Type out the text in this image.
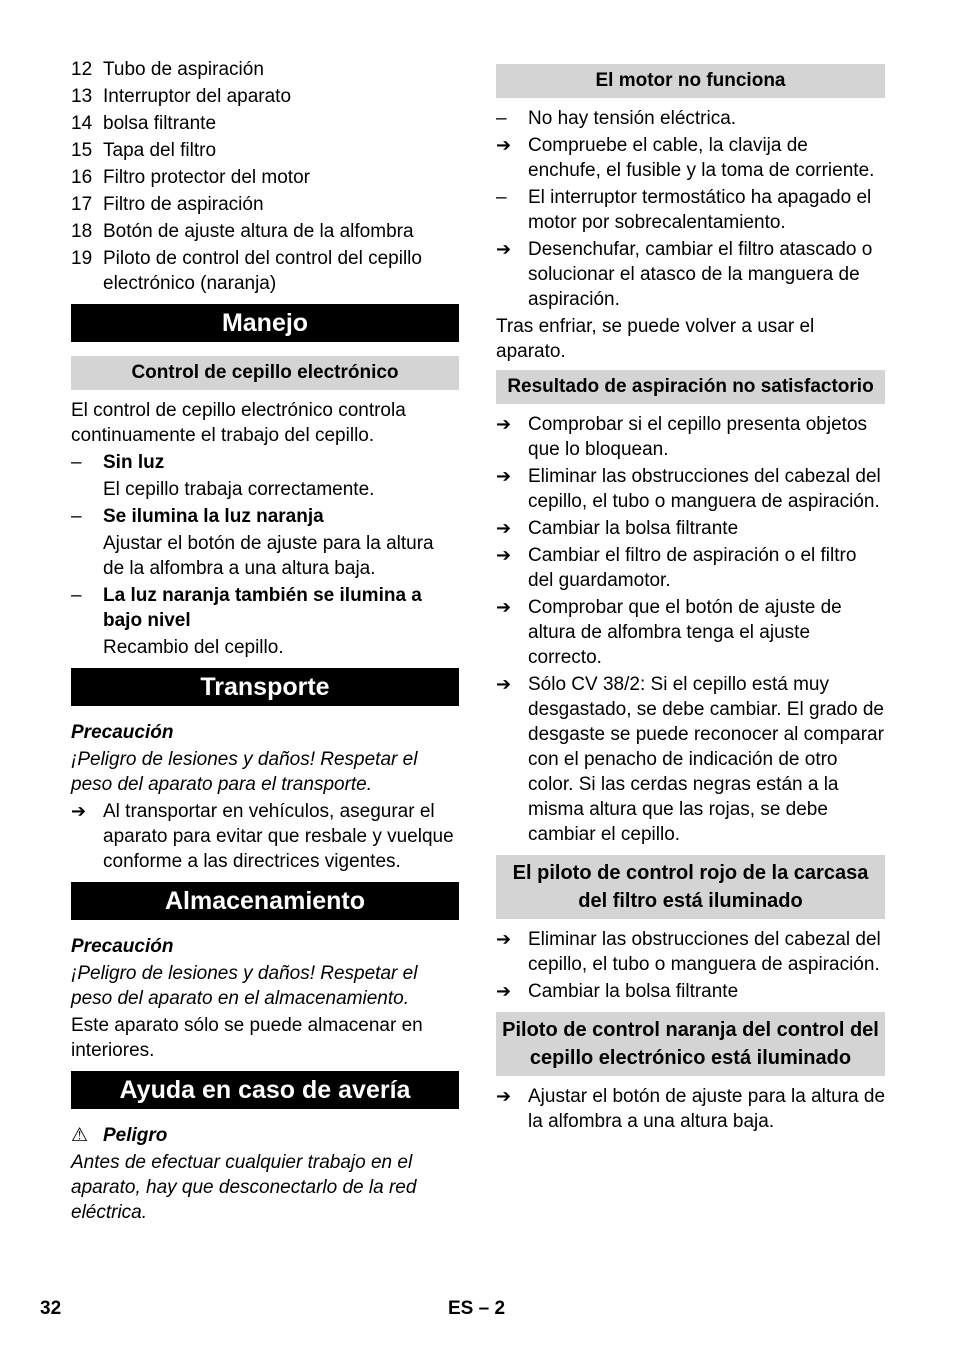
12 Tubo de aspiración
13 Interruptor del aparato
14 bolsa filtrante
15 Tapa del filtro
16 Filtro protector del motor
17 Filtro de aspiración
18 Botón de ajuste altura de la alfombra
19 Piloto de control del control del cepillo electrónico (naranja)
Manejo
Control de cepillo electrónico

El control de cepillo electrónico controla continuamente el trabajo del cepillo.

–	Sin luz

El cepillo trabaja correctamente.

–	Se ilumina la luz naranja

Ajustar el botón de ajuste para la altura de la alfombra a una altura baja.

–	La luz naranja también se ilumina a bajo nivel

Recambio del cepillo.

Transporte
Precaución

¡Peligro de lesiones y daños! Respetar el peso del aparato para el transporte.

➔ Al transportar en vehículos, asegurar el aparato para evitar que resbale y vuelque conforme a las directrices vigentes.
Almacenamiento
Precaución

¡Peligro de lesiones y daños! Respetar el peso del aparato en el almacenamiento.

Este aparato sólo se puede almacenar en interiores.

Ayuda en caso de avería
⚠ Peligro

Antes de efectuar cualquier trabajo en el aparato, hay que desconectarlo de la red eléctrica.

El motor no funciona
–	No hay tensión eléctrica.
➔ Compruebe el cable, la clavija de enchufe, el fusible y la toma de corriente.
–	El interruptor termostático ha apagado el motor por sobrecalentamiento.
➔ Desenchufar, cambiar el filtro atascado o solucionar el atasco de la manguera de aspiración.

Tras enfriar, se puede volver a usar el aparato.

Resultado de aspiración no satisfactorio
➔ Comprobar si el cepillo presenta objetos que lo bloquean.
➔ Eliminar las obstrucciones del cabezal del cepillo, el tubo o manguera de aspiración.
➔ Cambiar la bolsa filtrante
➔ Cambiar el filtro de aspiración o el filtro del guardamotor.
➔ Comprobar que el botón de ajuste de altura de alfombra tenga el ajuste correcto.
➔ Sólo CV 38/2: Si el cepillo está muy desgastado, se debe cambiar. El grado de desgaste se puede reconocer al comparar con el penacho de indicación de otro color. Si las cerdas negras están a la misma altura que las rojas, se debe cambiar el cepillo.
El piloto de control rojo de la carcasa del filtro está iluminado
➔ Eliminar las obstrucciones del cabezal del cepillo, el tubo o manguera de aspiración.
➔ Cambiar la bolsa filtrante
Piloto de control naranja del control del cepillo electrónico está iluminado
➔ Ajustar el botón de ajuste para la altura de la alfombra a una altura baja.
32	ES – 2
